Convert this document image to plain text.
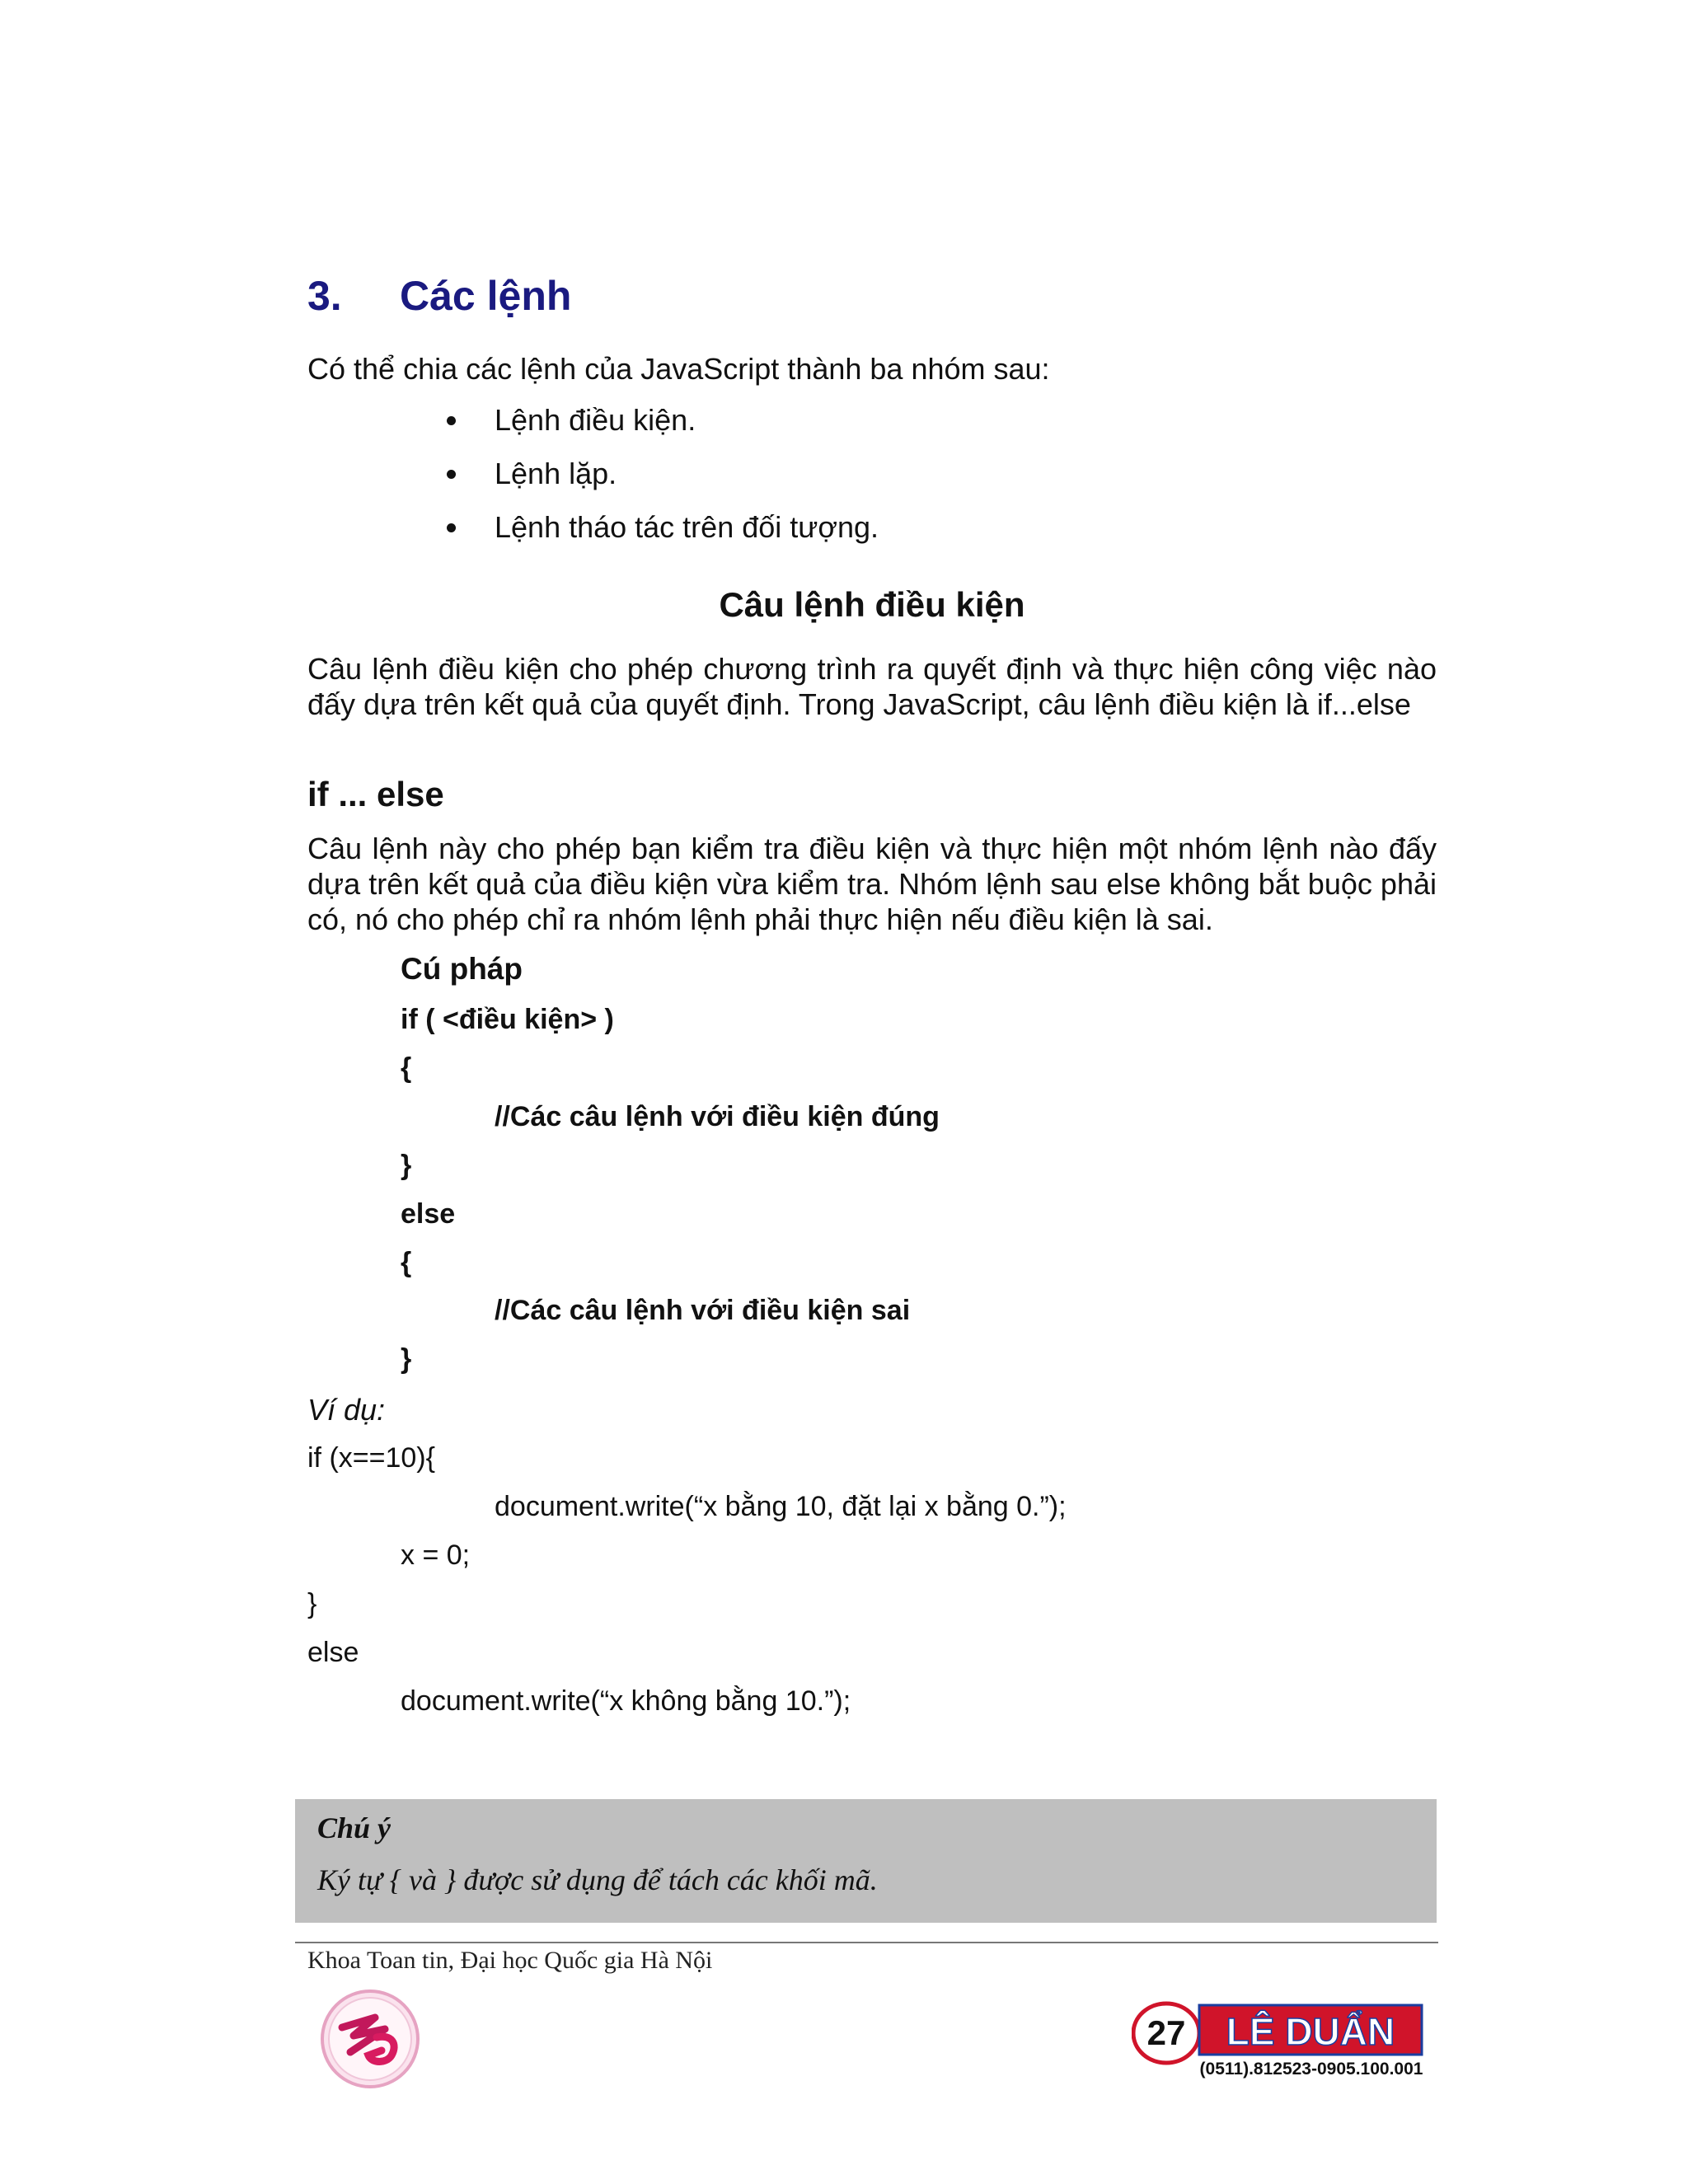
3. Các lệnh
Có thể chia các lệnh của JavaScript thành ba nhóm sau:
Lệnh điều kiện.
Lệnh lặp.
Lệnh tháo tác trên đối tượng.
Câu lệnh điều kiện
Câu lệnh điều kiện cho phép chương trình ra quyết định và thực hiện công việc nào đấy dựa trên kết quả của quyết định. Trong JavaScript, câu lệnh điều kiện là if...else
if ... else
Câu lệnh này cho phép bạn kiểm tra điều kiện và thực hiện một nhóm lệnh nào đấy dựa trên kết quả của điều kiện vừa kiểm tra. Nhóm lệnh sau else không bắt buộc phải có, nó cho phép chỉ ra nhóm lệnh phải thực hiện nếu điều kiện là sai.
Cú pháp
if ( <điều kiện> )
{
//Các câu lệnh với điều kiện đúng
}
else
{
//Các câu lệnh với điều kiện sai
}
Ví dụ:
if (x==10){
document.write(“x bằng 10, đặt lại x bằng 0.”);
x = 0;
}
else
document.write(“x không bằng 10.”);
Chú ý
Ký tự { và } được sử dụng để tách các khối mã.
Khoa Toan tin, Đại học Quốc gia Hà Nội
27 LÊ DUẨN
(0511).812523-0905.100.001
